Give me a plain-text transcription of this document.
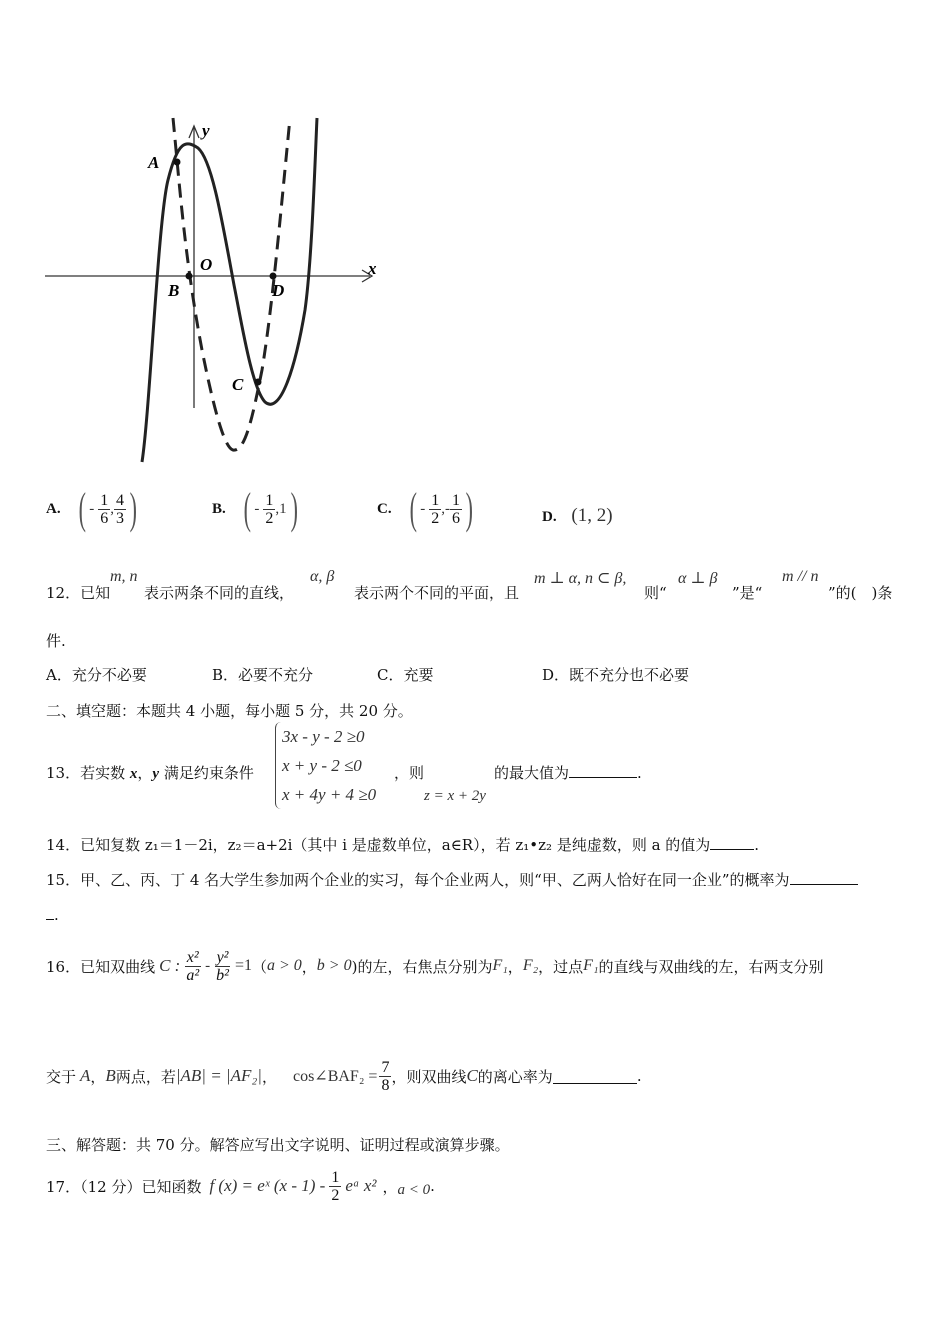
x
y
A
B
O
D
C
A. ( - $\frac{1}{6}$ , $\frac{4}{3}$ )	B. ( - $\frac{1}{2} ,1$ )	C. ( - $\frac{1}{2}$ ,- $\frac{1}{6}$ )	D. (1, 2)
12．已知
m, n
表示两条不同的直线，
α, β
表示两个不同的平面，且
m ⊥ α, n ⊂ β,
则“
α ⊥ β
”是“
m // n
”的(　)条
件.
A．充分不必要	B．必要不充分	C．充要	D．既不充分也不必要
二、填空题：本题共 4 小题，每小题 5 分，共 20 分。
13．若实数 x，y 满足约束条件
3x - y - 2 ≥0
x + y - 2 ≤0
x + 4y + 4 ≥0
，则
z = x + 2y
的最大值为	.
14．已知复数 z₁＝1－2i，z₂＝a+2i（其中 i 是虚数单位，a∈R），若 z₁•z₂ 是纯虚数，则 a 的值为	.
15．甲、乙、丙、丁 4 名大学生参加两个企业的实习，每个企业两人，则“甲、乙两人恰好在同一企业”的概率为
.
16．已知双曲线 C : $\frac{\text{x²}}{\text{a²}} - \frac{\text{y²}}{\text{b²}} =1$ （ a > 0 ， b > 0 )的左，右焦点分别为 F₁ ， F₂ ，过点 F₁ 的直线与双曲线的左，右两支分别
交于 A ， B 两点，若 |AB| = |AF₂| ， cos∠BAF₂ = $\frac{7}{8}$ ，则双曲线 C 的离心率为	.
三、解答题：共 70 分。解答应写出文字说明、证明过程或演算步骤。
17．（12 分）已知函数 f (x) = eˣ $(x - 1) - \frac{1}{2}$ eᵃ x² ， a < 0 .
